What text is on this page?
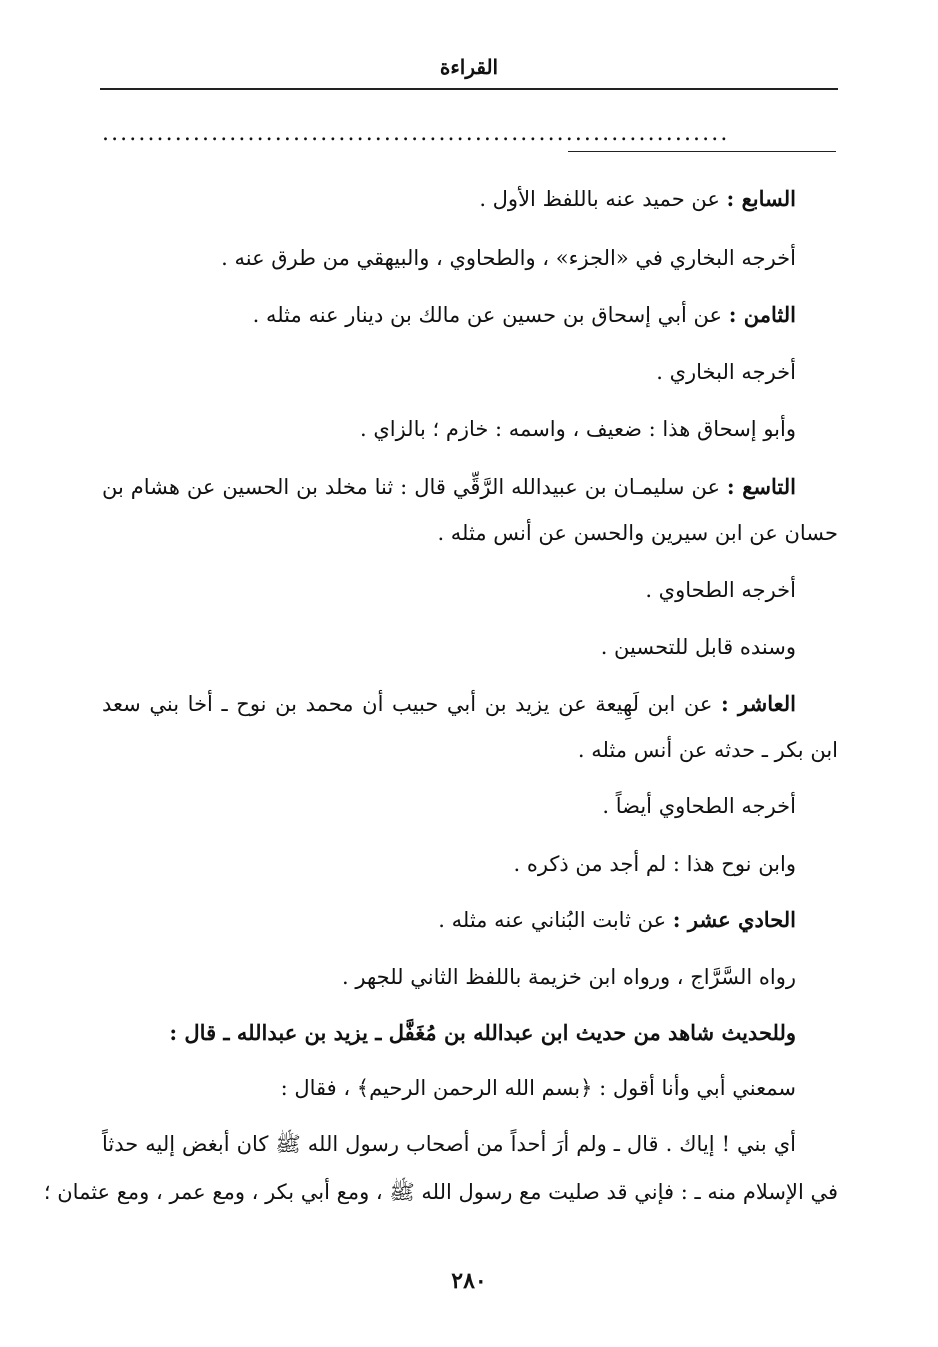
القراءة
.....................................................................
السابع : عن حميد عنه باللفظ الأول .
أخرجه البخاري في «الجزء» ، والطحاوي ، والبيهقي من طرق عنه .
الثامن : عن أبي إسحاق بن حسين عن مالك بن دينار عنه مثله .
أخرجه البخاري .
وأبو إسحاق هذا : ضعيف ، واسمه : خازم ؛ بالزاي .
التاسع : عن سليمـان بن عبيدالله الرَّقِّي قال : ثنا مخلد بن الحسين عن هشام بن
حسان عن ابن سيرين والحسن عن أنس مثله .
أخرجه الطحاوي .
وسنده قابل للتحسين .
العاشر : عن ابن لَهِيعة عن يزيد بن أبي حبيب أن محمد بن نوح ـ أخا بني سعد
ابن بكر ـ حدثه عن أنس مثله .
أخرجه الطحاوي أيضاً .
وابن نوح هذا : لم أجد من ذكره .
الحادي عشر : عن ثابت البُناني عنه مثله .
رواه السَّرَّاج ، ورواه ابن خزيمة باللفظ الثاني للجهر .
وللحديث شاهد من حديث ابن عبدالله بن مُغَفَّل ـ يزيد بن عبدالله ـ قال :
سمعني أبي وأنا أقول : ﴿بسم الله الرحمن الرحيم﴾ ، فقال :
أي بني ! إياك . قال ـ ولم أرَ أحداً من أصحاب رسول الله ﷺ كان أبغض إليه حدثاً
في الإسلام منه ـ : فإني قد صليت مع رسول الله ﷺ ، ومع أبي بكر ، ومع عمر ، ومع عثمان ؛
٢٨٠
